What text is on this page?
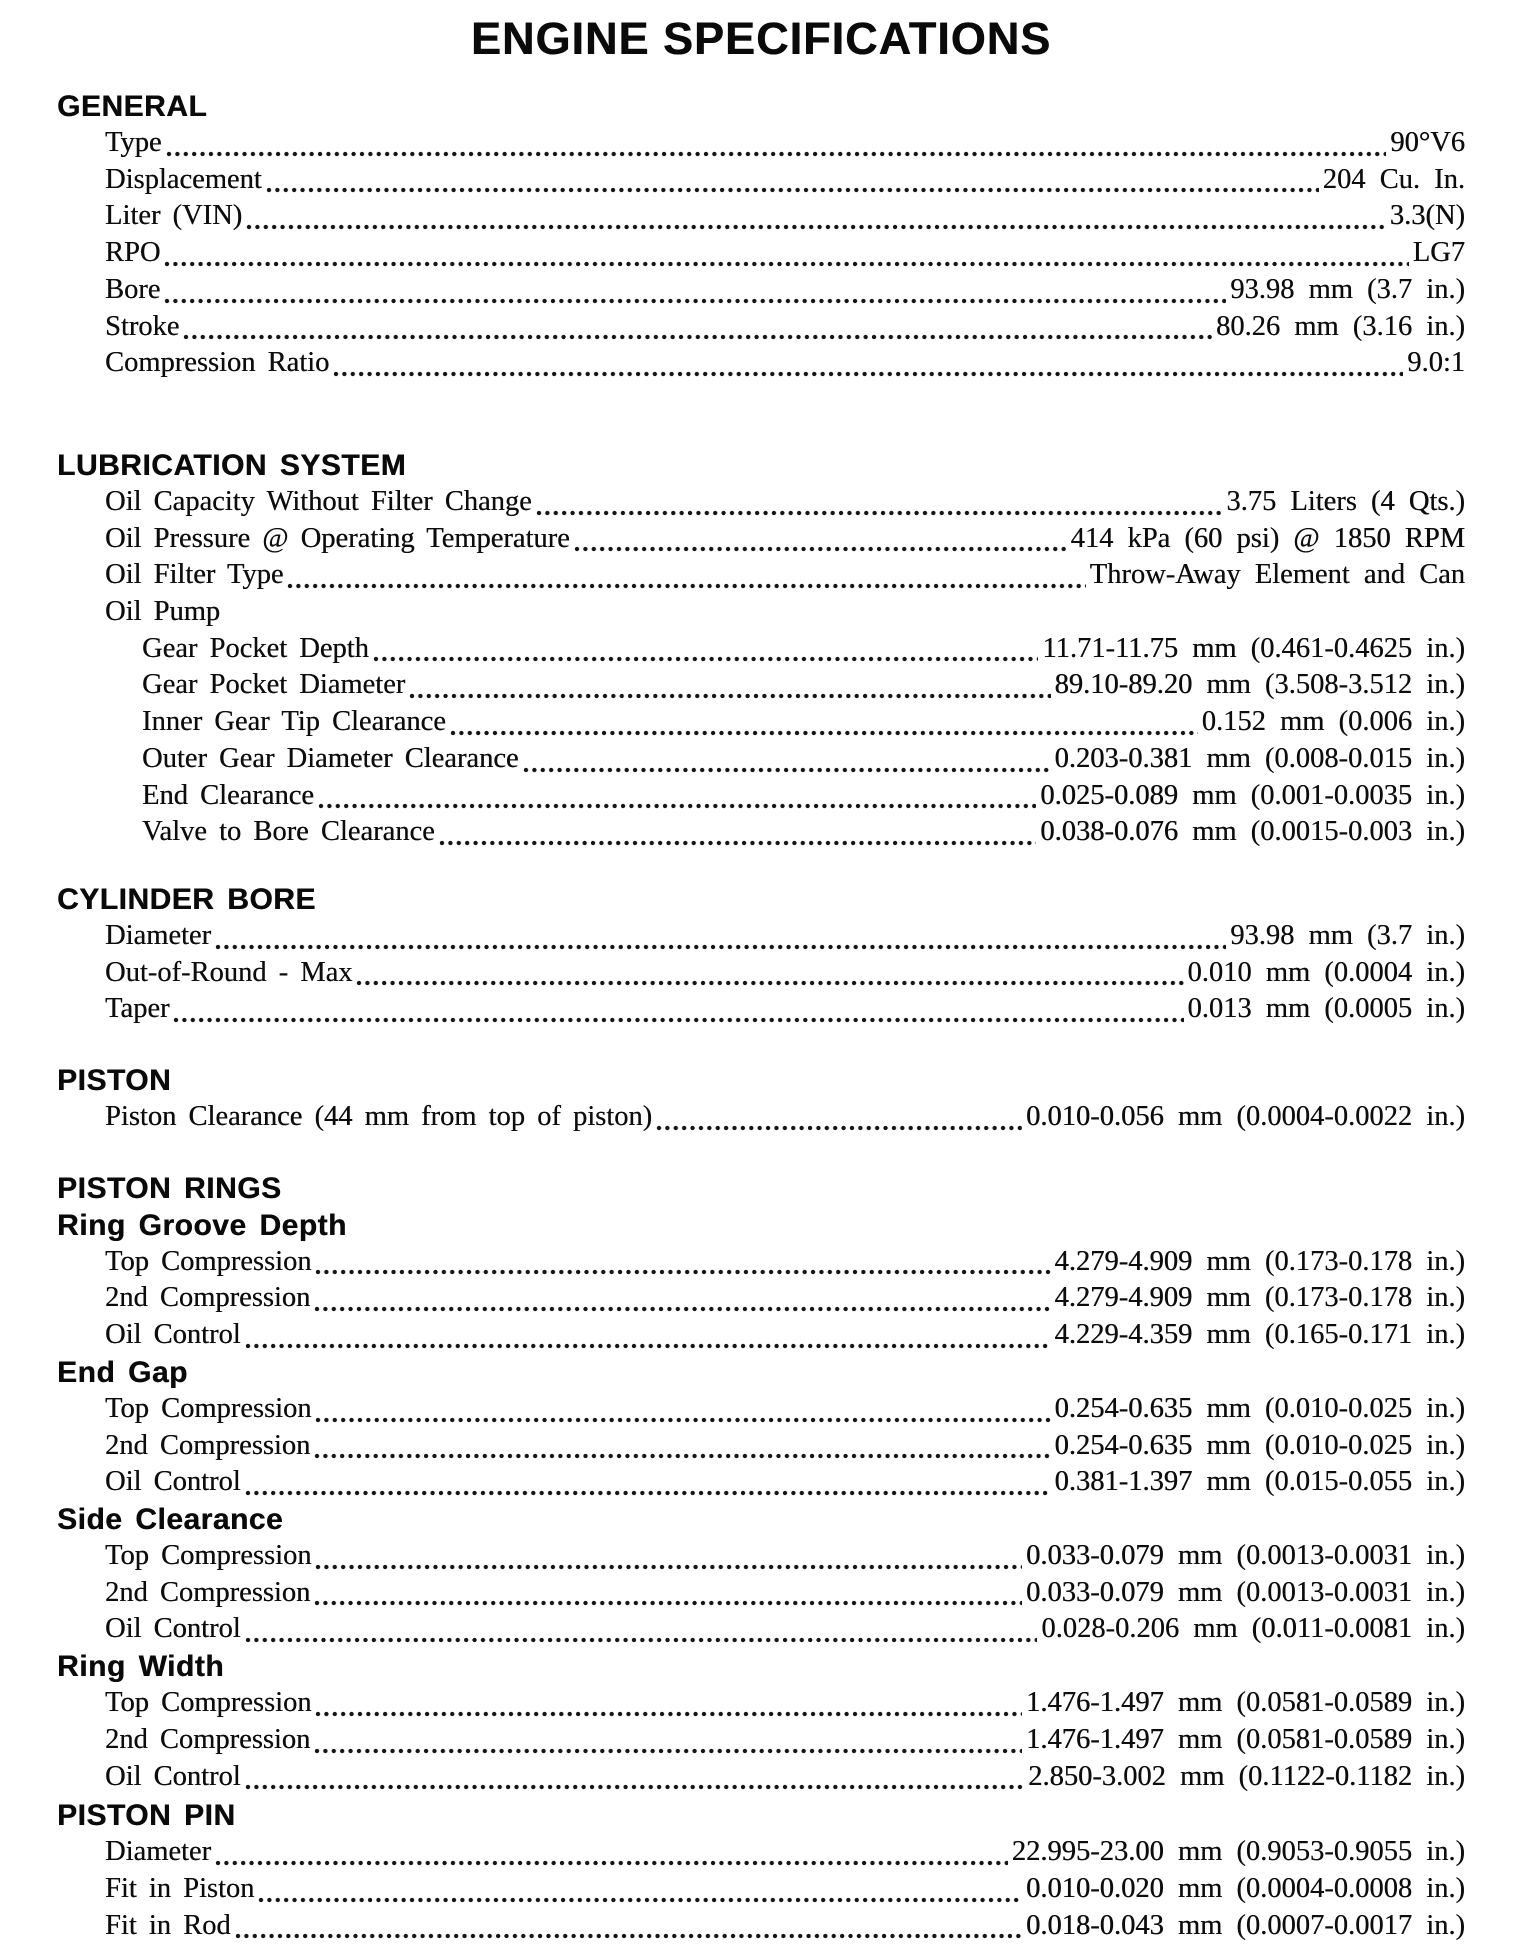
ENGINE SPECIFICATIONS
GENERAL
Type	90°V6
Displacement	204 Cu. In.
Liter (VIN)	3.3(N)
RPO	LG7
Bore	93.98 mm (3.7 in.)
Stroke	80.26 mm (3.16 in.)
Compression Ratio	9.0:1
LUBRICATION SYSTEM
Oil Capacity Without Filter Change	3.75 Liters (4 Qts.)
Oil Pressure @ Operating Temperature	414 kPa (60 psi) @ 1850 RPM
Oil Filter Type	Throw-Away Element and Can
Oil Pump
Gear Pocket Depth	11.71-11.75 mm (0.461-0.4625 in.)
Gear Pocket Diameter	89.10-89.20 mm (3.508-3.512 in.)
Inner Gear Tip Clearance	0.152 mm (0.006 in.)
Outer Gear Diameter Clearance	0.203-0.381 mm (0.008-0.015 in.)
End Clearance	0.025-0.089 mm (0.001-0.0035 in.)
Valve to Bore Clearance	0.038-0.076 mm (0.0015-0.003 in.)
CYLINDER BORE
Diameter	93.98 mm (3.7 in.)
Out-of-Round - Max	0.010 mm (0.0004 in.)
Taper	0.013 mm (0.0005 in.)
PISTON
Piston Clearance (44 mm from top of piston)	0.010-0.056 mm (0.0004-0.0022 in.)
PISTON RINGS
Ring Groove Depth
Top Compression	4.279-4.909 mm (0.173-0.178 in.)
2nd Compression	4.279-4.909 mm (0.173-0.178 in.)
Oil Control	4.229-4.359 mm (0.165-0.171 in.)
End Gap
Top Compression	0.254-0.635 mm (0.010-0.025 in.)
2nd Compression	0.254-0.635 mm (0.010-0.025 in.)
Oil Control	0.381-1.397 mm (0.015-0.055 in.)
Side Clearance
Top Compression	0.033-0.079 mm (0.0013-0.0031 in.)
2nd Compression	0.033-0.079 mm (0.0013-0.0031 in.)
Oil Control	0.028-0.206 mm (0.011-0.0081 in.)
Ring Width
Top Compression	1.476-1.497 mm (0.0581-0.0589 in.)
2nd Compression	1.476-1.497 mm (0.0581-0.0589 in.)
Oil Control	2.850-3.002 mm (0.1122-0.1182 in.)
PISTON PIN
Diameter	22.995-23.00 mm (0.9053-0.9055 in.)
Fit in Piston	0.010-0.020 mm (0.0004-0.0008 in.)
Fit in Rod	0.018-0.043 mm (0.0007-0.0017 in.)
